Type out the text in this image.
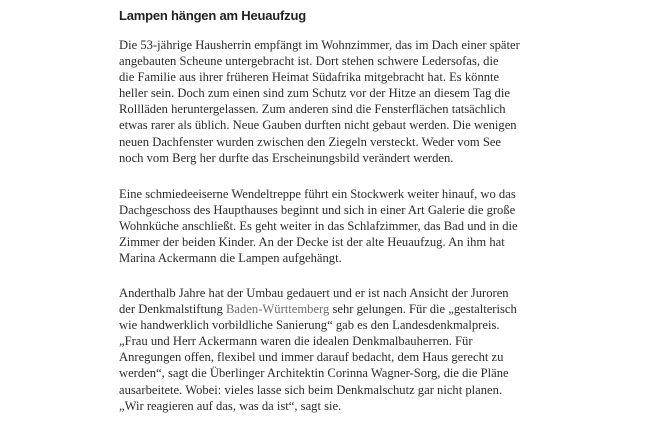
Lampen hängen am Heuaufzug
Die 53-jährige Hausherrin empfängt im Wohnzimmer, das im Dach einer später
angebauten Scheune untergebracht ist. Dort stehen schwere Ledersofas, die
die Familie aus ihrer früheren Heimat Südafrika mitgebracht hat. Es könnte
heller sein. Doch zum einen sind zum Schutz vor der Hitze an diesem Tag die
Rollläden heruntergelassen. Zum anderen sind die Fensterflächen tatsächlich
etwas rarer als üblich. Neue Gauben durften nicht gebaut werden. Die wenigen
neuen Dachfenster wurden zwischen den Ziegeln versteckt. Weder vom See
noch vom Berg her durfte das Erscheinungsbild verändert werden.
Eine schmiedeeiserne Wendeltreppe führt ein Stockwerk weiter hinauf, wo das
Dachgeschoss des Haupthauses beginnt und sich in einer Art Galerie die große
Wohnküche anschließt. Es geht weiter in das Schlafzimmer, das Bad und in die
Zimmer der beiden Kinder. An der Decke ist der alte Heuaufzug. An ihm hat
Marina Ackermann die Lampen aufgehängt.
Anderthalb Jahre hat der Umbau gedauert und er ist nach Ansicht der Juroren
der Denkmalstiftung Baden-Württemberg sehr gelungen. Für die „gestalterisch
wie handwerklich vorbildliche Sanierung“ gab es den Landesdenkmalpreis.
„Frau und Herr Ackermann waren die idealen Denkmalbauherren. Für
Anregungen offen, flexibel und immer darauf bedacht, dem Haus gerecht zu
werden“, sagt die Überlinger Architektin Corinna Wagner-Sorg, die die Pläne
ausarbeitete. Wobei: vieles lasse sich beim Denkmalschutz gar nicht planen.
„Wir reagieren auf das, was da ist“, sagt sie.
